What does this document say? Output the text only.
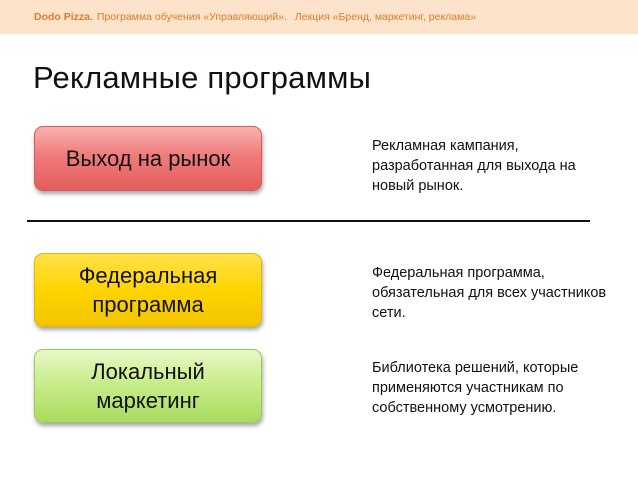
Dodo Pizza. Программа обучения «Управляющий». Лекция «Бренд, маркетинг, реклама»
Рекламные программы
Выход на рынок	Рекламная кампания, разработанная для выхода на новый рынок.
Федеральная программа
Федеральная программа, обязательная для всех участников сети.
Локальный маркетинг
Библиотека решений, которые применяются участникам по собственному усмотрению.
